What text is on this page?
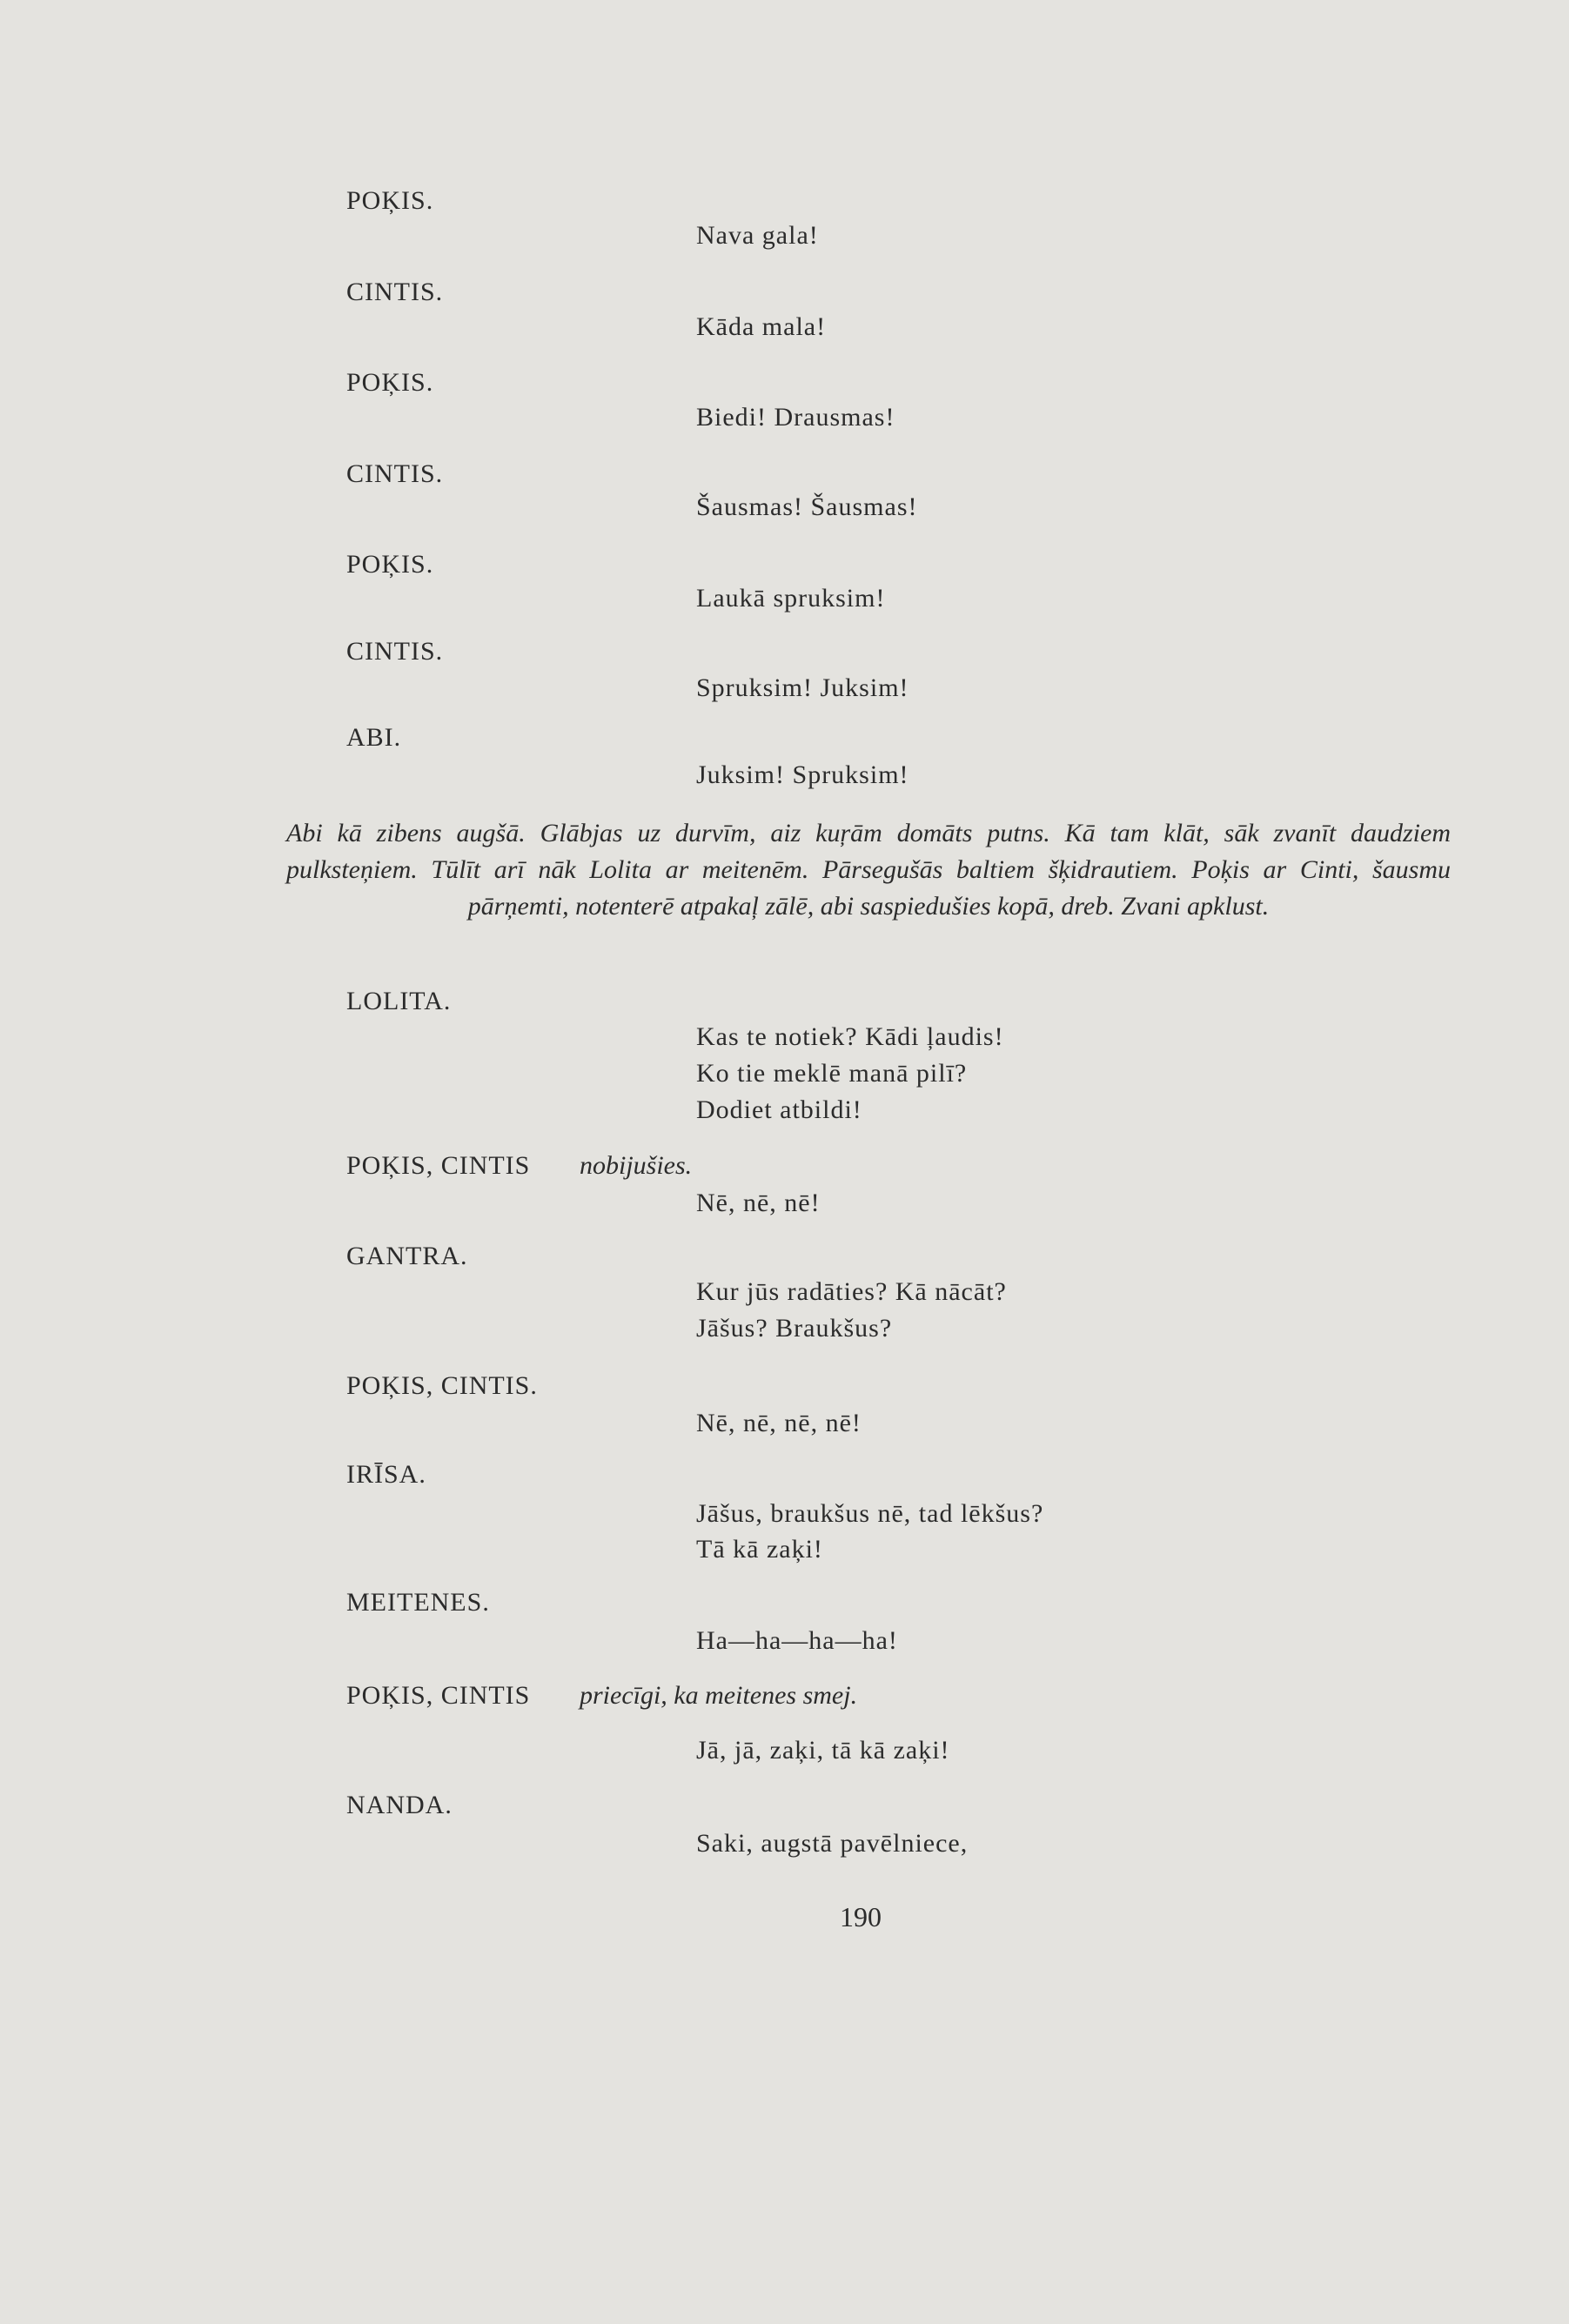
POĶIS.
Nava gala!
CINTIS.
Kāda mala!
POĶIS.
Biedi! Drausmas!
CINTIS.
Šausmas! Šausmas!
POĶIS.
Laukā spruksim!
CINTIS.
Spruksim! Juksim!
ABI.
Juksim! Spruksim!
Abi kā zibens augšā. Glābjas uz durvīm, aiz kuŗām domāts putns. Kā tam klāt, sāk zvanīt daudziem pulksteņiem. Tūlīt arī nāk Lolita ar meitenēm. Pārsegušās baltiem šķidrautiem. Poķis ar Cinti, šausmu pārņemti, notenterē atpakaļ zālē, abi saspiedušies kopā, dreb. Zvani apklust.
LOLITA.
Kas te notiek? Kādi ļaudis!
Ko tie meklē manā pilī?
Dodiet atbildi!
POĶIS, CINTIS nobijušies.
Nē, nē, nē!
GANTRA.
Kur jūs radāties? Kā nācāt?
Jāšus? Braukšus?
POĶIS, CINTIS.
Nē, nē, nē, nē!
IRĪSA.
Jāšus, braukšus nē, tad lēkšus?
Tā kā zaķi!
MEITENES.
Ha—ha—ha—ha!
POĶIS, CINTIS priecīgi, ka meitenes smej.
Jā, jā, zaķi, tā kā zaķi!
NANDA.
Saki, augstā pavēlniece,
190
